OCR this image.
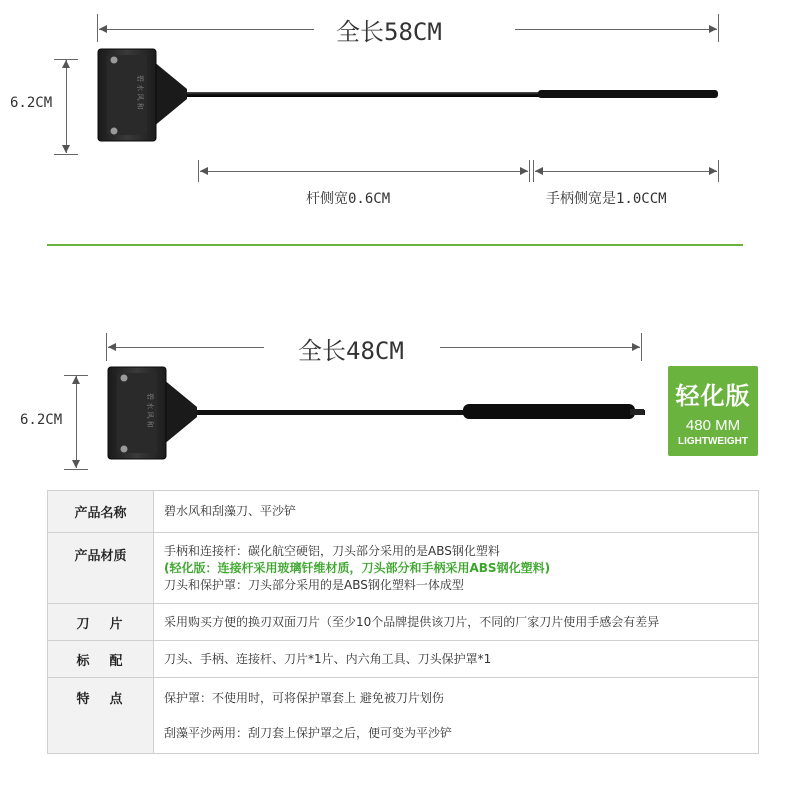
全长58CM
6.2CM	碧 水 风 和
杆侧宽0.6CM	手柄侧宽是1.0CCM
全长48CM
6.2CM	碧 水 风 和	轻化版
480 MM
LIGHTWEIGHT
产品名称	碧水风和刮藻刀、平沙铲

产品材质	手柄和连接杆：碳化航空硬铝，刀头部分采用的是ABS钢化塑料
(轻化版：连接杆采用玻璃钎维材质，刀头部分和手柄采用ABS钢化塑料)
刀头和保护罩：刀头部分采用的是ABS钢化塑料一体成型

刀片	采用购买方便的换刃双面刀片（至少10个品牌提供该刀片，不同的厂家刀片使用手感会有差异

标配	刀头、手柄、连接杆、刀片*1片、内六角工具、刀头保护罩*1

特点	保护罩：不使用时，可将保护罩套上 避免被刀片划伤
刮藻平沙两用：刮刀套上保护罩之后，便可变为平沙铲
